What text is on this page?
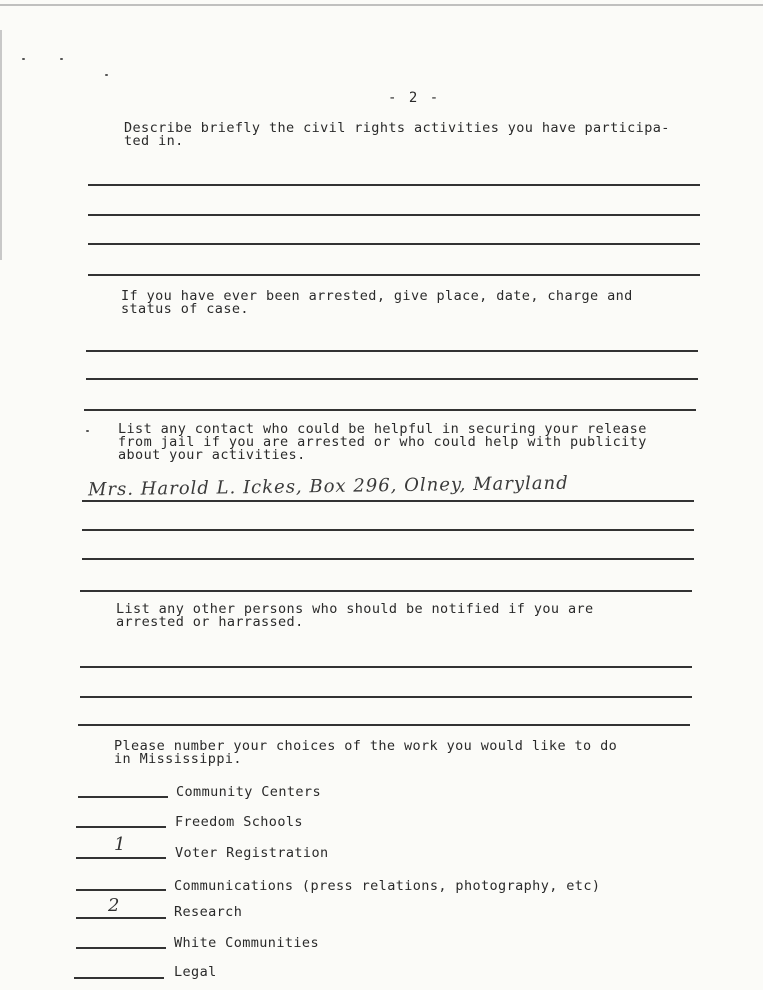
- 2 -
Describe briefly the civil rights activities you have participa-
ted in.
If you have ever been arrested, give place, date, charge and
status of case.
List any contact who could be helpful in securing your release
from jail if you are arrested or who could help with publicity
about your activities.
Mrs. Harold L. Ickes, Box 296, Olney, Maryland
List any other persons who should be notified if you are
arrested or harrassed.
Please number your choices of the work you would like to do
in Mississippi.
Community Centers
Freedom Schools
1	Voter Registration
Communications (press relations, photography, etc)
2	Research
White Communities
Legal
